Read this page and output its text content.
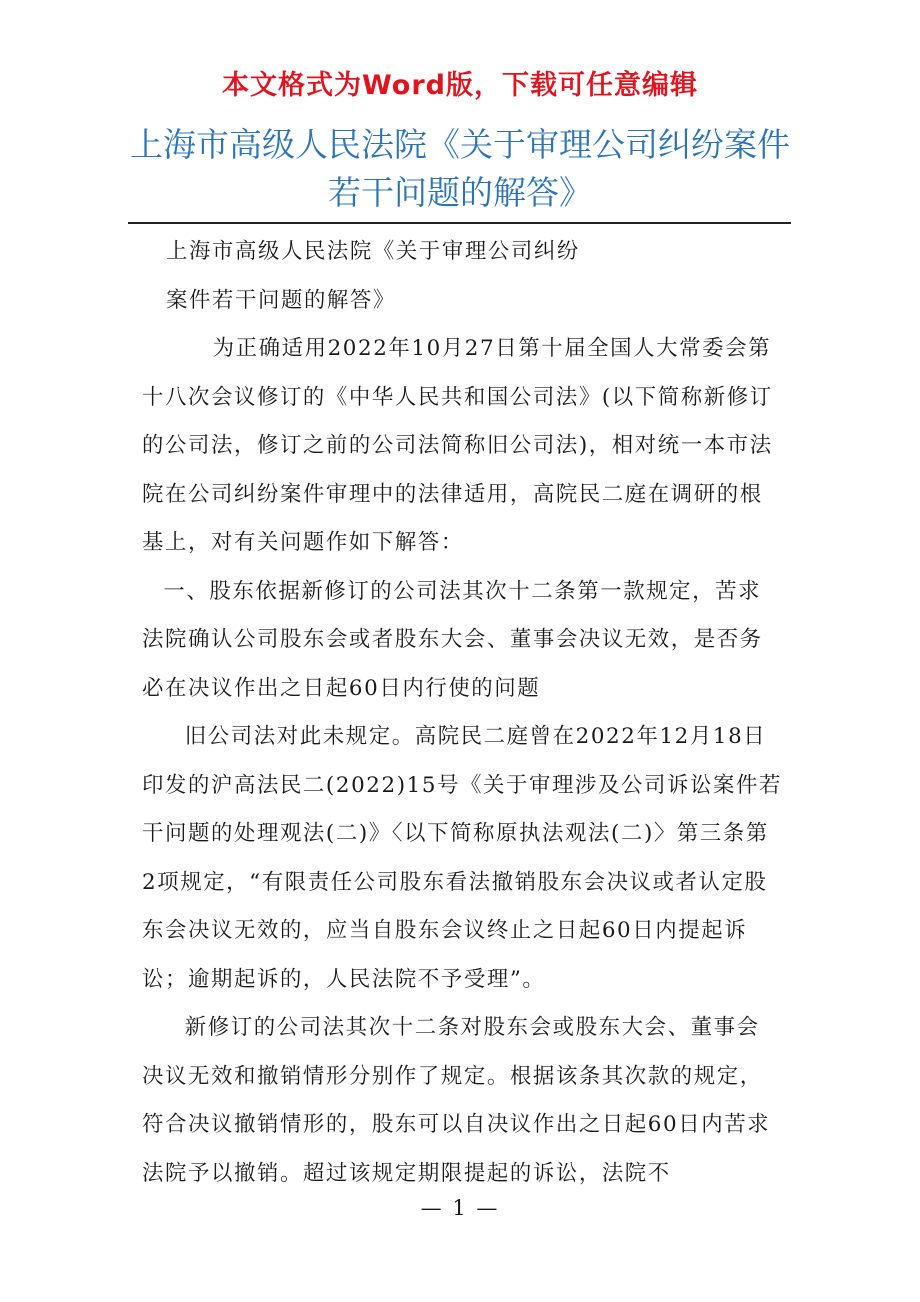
本文格式为Word版，下载可任意编辑
上海市高级人民法院《关于审理公司纠纷案件若干问题的解答》

上海市高级人民法院《关于审理公司纠纷

案件若干问题的解答》

为正确适用2022年10月27日第十届全国人大常委会第十八次会议修订的《中华人民共和国公司法》(以下简称新修订的公司法，修订之前的公司法简称旧公司法)，相对统一本市法院在公司纠纷案件审理中的法律适用，高院民二庭在调研的根基上，对有关问题作如下解答：

一、股东依据新修订的公司法其次十二条第一款规定，苦求法院确认公司股东会或者股东大会、董事会决议无效，是否务必在决议作出之日起60日内行使的问题

旧公司法对此未规定。高院民二庭曾在2022年12月18日印发的沪高法民二(2022)15号《关于审理涉及公司诉讼案件若干问题的处理观法(二)》〈以下简称原执法观法(二)〉第三条第2项规定，“有限责任公司股东看法撤销股东会决议或者认定股东会决议无效的，应当自股东会议终止之日起60日内提起诉讼；逾期起诉的，人民法院不予受理”。

新修订的公司法其次十二条对股东会或股东大会、董事会决议无效和撤销情形分别作了规定。根据该条其次款的规定，符合决议撤销情形的，股东可以自决议作出之日起60日内苦求法院予以撤销。超过该规定期限提起的诉讼，法院不

— 1 —
